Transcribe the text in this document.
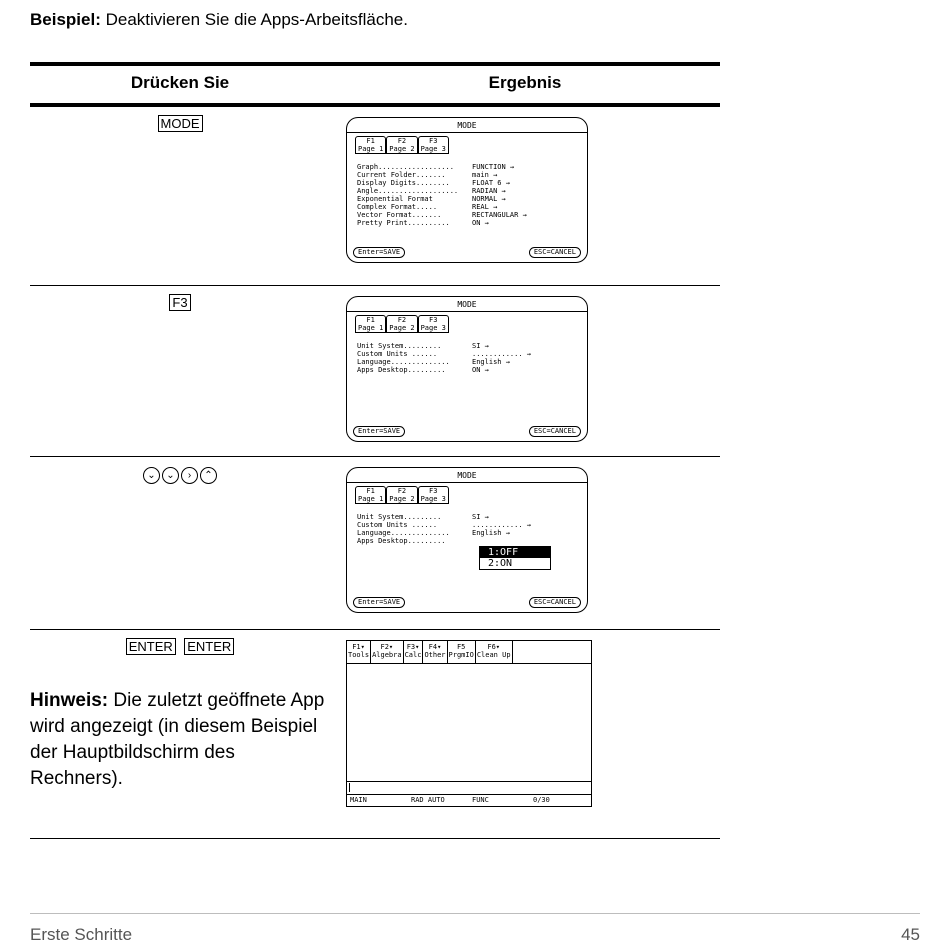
Beispiel: Deaktivieren Sie die Apps-Arbeitsfläche.
Drücken Sie	Ergebnis
MODE	MODE
F1
Page 1
F2
Page 2
F3
Page 3
Graph..................	FUNCTION →
Current Folder.......	main →
Display Digits........	FLOAT 6 →
Angle...................	RADIAN →
Exponential Format	NORMAL →
Complex Format.....	REAL →
Vector Format.......	RECTANGULAR →
Pretty Print..........	ON →
Enter=SAVE	ESC=CANCEL
F3	MODE
F1
Page 1
F2
Page 2
F3
Page 3
Unit System.........	SI →
Custom Units ......	............ →
Language..............	English →
Apps Desktop.........	ON →
Enter=SAVE	ESC=CANCEL
⌄ ⌄ › ⌃	MODE
F1
Page 1
F2
Page 2
F3
Page 3
Unit System.........	SI →
Custom Units ......	............ →
Language..............	English →
Apps Desktop.........
1:OFF
2:ON
Enter=SAVE	ESC=CANCEL
ENTER ENTER
Hinweis: Die zuletzt geöffnete App wird angezeigt (in diesem Beispiel der Hauptbildschirm des Rechners).
F1▾
Tools
F2▾
Algebra
F3▾
Calc
F4▾
Other
F5
PrgmIO
F6▾
Clean Up
MAIN	RAD AUTO	FUNC	0/30
Erste Schritte	45
